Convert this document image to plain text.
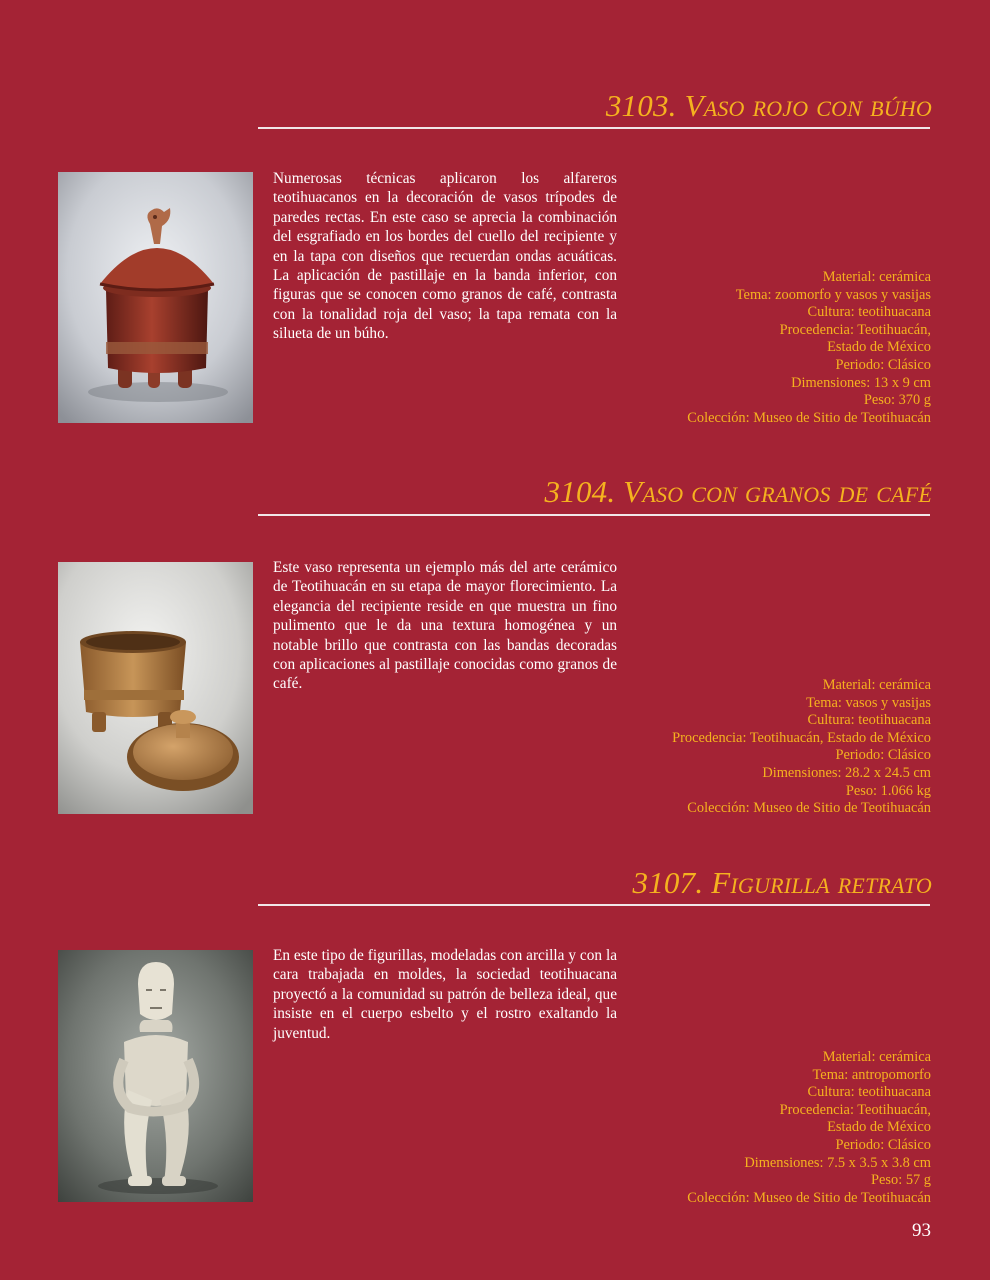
3103. Vaso rojo con búho
Numerosas técnicas aplicaron los alfareros teotihuacanos en la decoración de vasos trípodes de paredes rectas. En este caso se aprecia la combinación del esgrafiado en los bordes del cuello del recipiente y en la tapa con diseños que recuerdan ondas acuáticas. La aplicación de pastillaje en la banda inferior, con figuras que se conocen como granos de café, contrasta con la tonalidad roja del vaso; la tapa remata con la silueta de un búho.
Material: cerámica
Tema: zoomorfo y vasos y vasijas
Cultura: teotihuacana
Procedencia: Teotihuacán,
Estado de México
Periodo: Clásico
Dimensiones: 13 x 9 cm
Peso: 370 g
Colección: Museo de Sitio de Teotihuacán
3104. Vaso con granos de café
Este vaso representa un ejemplo más del arte cerámico de Teotihuacán en su etapa de mayor florecimiento. La elegancia del recipiente reside en que muestra un fino pulimento que le da una textura homogénea y un notable brillo que contrasta con las bandas decoradas con aplicaciones al pastillaje conocidas como granos de café.	Material: cerámica
Tema: vasos y vasijas
Cultura: teotihuacana
Procedencia: Teotihuacán, Estado de México
Periodo: Clásico
Dimensiones: 28.2 x 24.5 cm
Peso: 1.066 kg
Colección: Museo de Sitio de Teotihuacán
3107. Figurilla retrato
En este tipo de figurillas, modeladas con arcilla y con la cara trabajada en moldes, la sociedad teotihuacana proyectó a la comunidad su patrón de belleza ideal, que insiste en el cuerpo esbelto y el rostro exaltando la juventud.
Material: cerámica
Tema: antropomorfo
Cultura: teotihuacana
Procedencia: Teotihuacán,
Estado de México
Periodo: Clásico
Dimensiones: 7.5 x 3.5 x 3.8 cm
Peso: 57 g
Colección: Museo de Sitio de Teotihuacán
93
